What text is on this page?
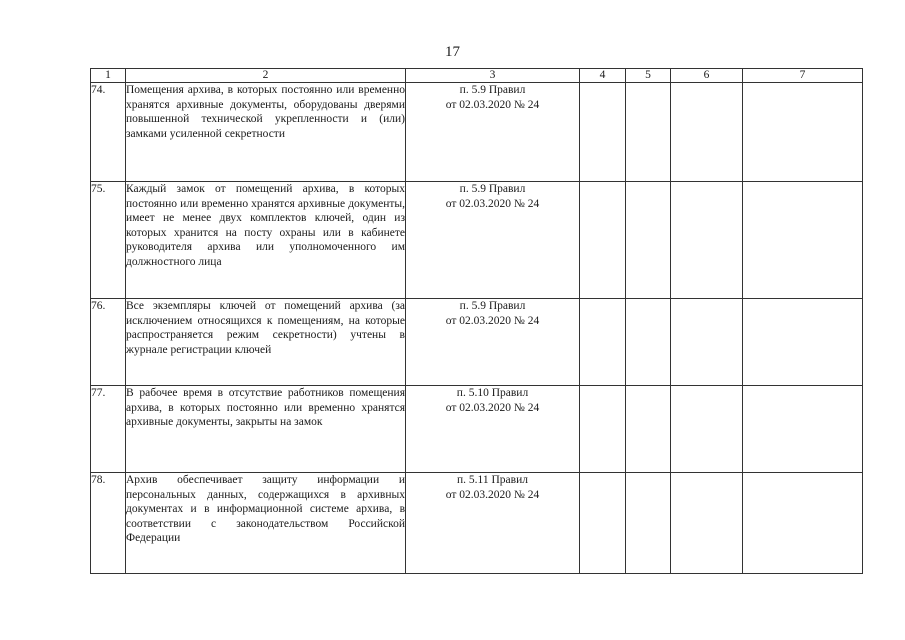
17
1	2	3	4	5	6	7
74.	Помещения архива, в которых постоянно или временно хранятся архивные документы, оборудованы дверями повышенной технической укрепленности и (или) замками усиленной секретности	п. 5.9 Правил
от 02.03.2020 № 24				

75.	Каждый замок от помещений архива, в которых постоянно или временно хранятся архивные документы, имеет не менее двух комплектов ключей, один из которых хранится на посту охраны или в кабинете руководителя архива или уполномоченного им должностного лица	п. 5.9 Правил
от 02.03.2020 № 24				

76.	Все экземпляры ключей от помещений архива (за исключением относящихся к помещениям, на которые распространяется режим секретности) учтены в журнале регистрации ключей	п. 5.9 Правил
от 02.03.2020 № 24				

77.	В рабочее время в отсутствие работников помещения архива, в которых постоянно или временно хранятся архивные документы, закрыты на замок	п. 5.10 Правил
от 02.03.2020 № 24				

78.	Архив обеспечивает защиту информации и персональных данных, содержащихся в архивных документах и в информационной системе архива, в соответствии с законодательством Российской Федерации	п. 5.11 Правил
от 02.03.2020 № 24				
